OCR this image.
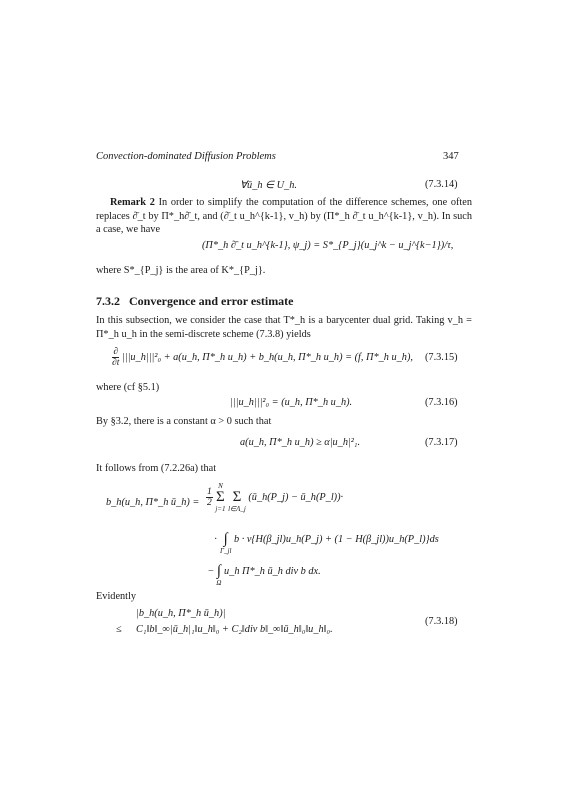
Convection-dominated Diffusion Problems	347
∀ū_h ∈ U_h.	(7.3.14)
Remark 2 In order to simplify the computation of the difference schemes, one often replaces ∂̄_t by Π*_h∂̄_t, and (∂̄_t u_h^{k-1}, v_h) by (Π*_h ∂̄_t u_h^{k-1}, v_h). In such a case, we have
(Π*_h ∂̄_t u_h^{k-1}, ψ_j) = S*_{P_j}(u_j^k − u_j^{k−1})/τ,
where S*_{P_j} is the area of K*_{P_j}.
7.3.2 Convergence and error estimate
In this subsection, we consider the case that T*_h is a barycenter dual grid. Taking v_h = Π*_h u_h in the semi-discrete scheme (7.3.8) yields
$\frac{\partial}{\partial t}$ |||u_h|||²₀ + a(u_h, Π*_h u_h) + b_h(u_h, Π*_h u_h) = (f, Π*_h u_h), (7.3.15)
where (cf §5.1)
|||u_h|||²₀ = (u_h, Π*_h u_h).	(7.3.16)
By §3.2, there is a constant α > 0 such that
a(u_h, Π*_h u_h) ≥ α|u_h|²₁.	(7.3.17)
It follows from (7.2.26a) that
b_h(u_h, Π*_h ū_h) = $\frac{1}{2}$
N
Σ
j=1
Σ
l∈Λ_j (ū_h(P_j) − ū_h(P_l))·
· ∫
Γ_jl b · ν{H(β_jl)u_h(P_j) + (1 − H(β_jl))u_h(P_l)}ds
− ∫
Ω u_h Π*_h ū_h div b dx.
Evidently
|b_h(u_h, Π*_h ū_h)|
≤ C₁‖b‖_∞|ū_h|₁‖u_h‖₀ + C₂‖div b‖_∞‖ū_h‖₀‖u_h‖₀.
(7.3.18)
